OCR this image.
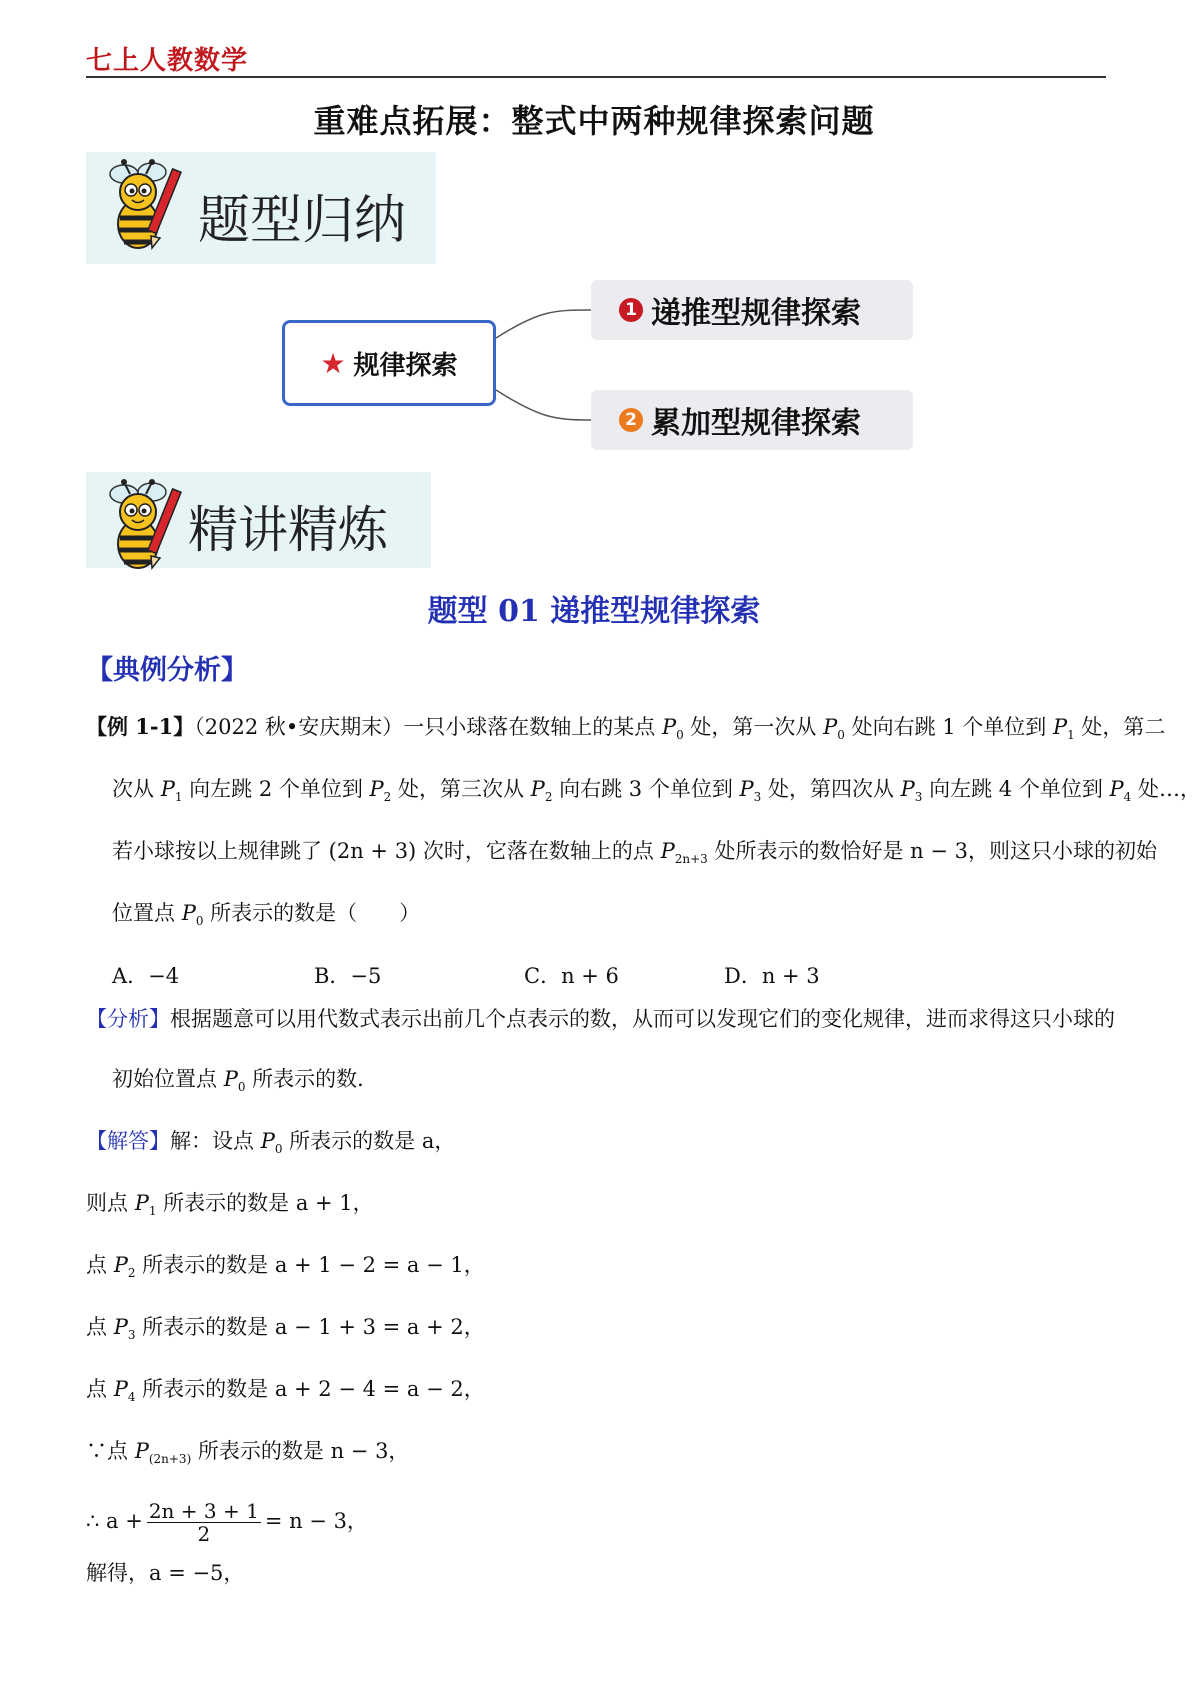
七上人教数学
重难点拓展：整式中两种规律探索问题
题型归纳
★ 规律探索
1 递推型规律探索
2 累加型规律探索
精讲精炼
题型 01 递推型规律探索
【典例分析】
【例 1-1】（2022 秋•安庆期末）一只小球落在数轴上的某点 $P_0$ 处，第一次从 $P_0$ 处向右跳 1 个单位到 $P_1$ 处，第二
次从 $P_1$ 向左跳 2 个单位到 $P_2$ 处，第三次从 $P_2$ 向右跳 3 个单位到 $P_3$ 处，第四次从 $P_3$ 向左跳 4 个单位到 $P_4$ 处…，
若小球按以上规律跳了 (2n + 3) 次时，它落在数轴上的点 $P_{2n+3}$ 处所表示的数恰好是 n − 3，则这只小球的初始
位置点 $P_0$ 所表示的数是（　　）
A．−4	B．−5	C．n + 6	D．n + 3
【分析】根据题意可以用代数式表示出前几个点表示的数，从而可以发现它们的变化规律，进而求得这只小球的
初始位置点 $P_0$ 所表示的数．
【解答】解：设点 $P_0$ 所表示的数是 a，
则点 $P_1$ 所表示的数是 a + 1，
点 $P_2$ 所表示的数是 a + 1 − 2 = a − 1，
点 $P_3$ 所表示的数是 a − 1 + 3 = a + 2，
点 $P_4$ 所表示的数是 a + 2 − 4 = a − 2，
∵点 $P_{(2n+3)}$ 所表示的数是 n − 3，
∴ $a + \frac{2n + 3 + 1}{2} = n - 3$，
解得，a = −5，
